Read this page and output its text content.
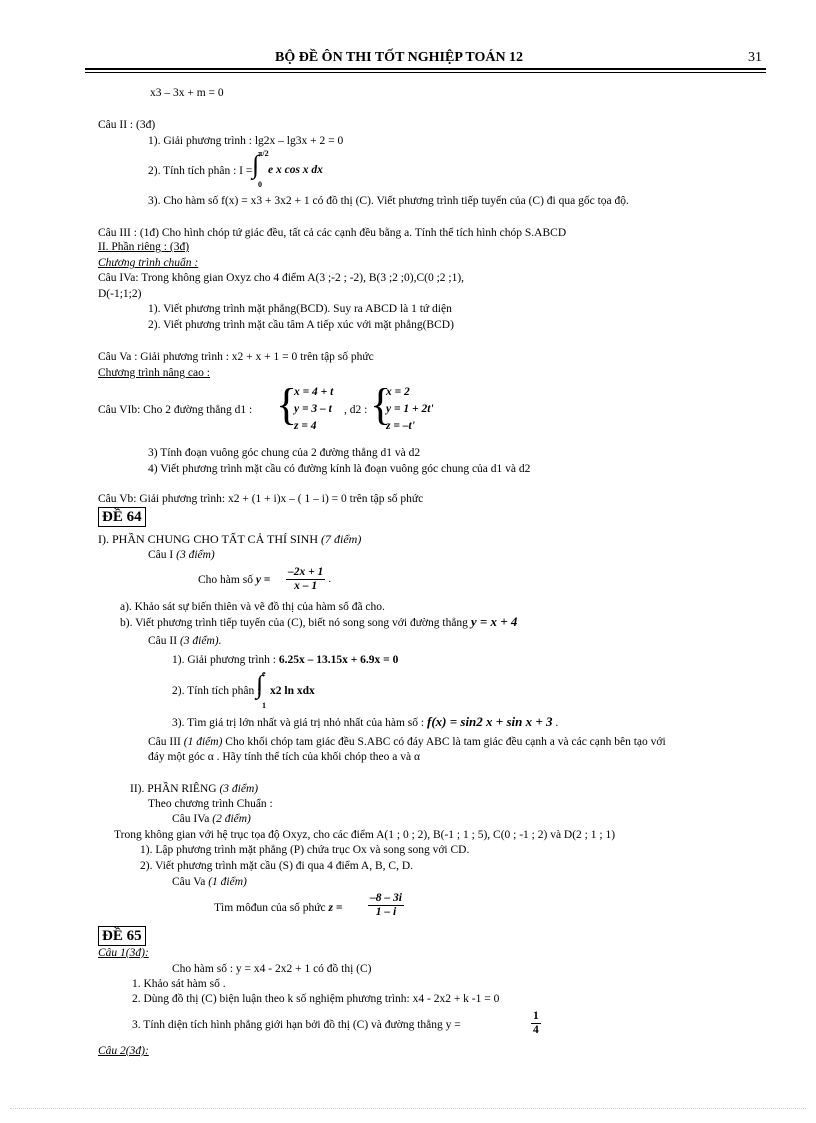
BỘ ĐỀ ÔN THI TỐT NGHIỆP TOÁN 12	31
x3 – 3x + m = 0
Câu II : (3đ)
1). Giải phương trình : lg2x – lg3x + 2 = 0
2). Tính tích phân : I = ∫
π/2
0
e x cos x dx
3). Cho hàm số f(x) = x3 + 3x2 + 1 có đồ thị (C). Viết phương trình tiếp tuyến của (C) đi qua gốc tọa độ.
Câu III : (1đ) Cho hình chóp tứ giác đều, tất cả các cạnh đều bằng a. Tính thể tích hình chóp S.ABCD
II. Phần riêng : (3đ)
Chương trình chuẩn :
Câu IVa: Trong không gian Oxyz cho 4 điểm A(3 ;-2 ; -2), B(3 ;2 ;0),C(0 ;2 ;1),
D(-1;1;2)
1). Viết phương trình mặt phẳng(BCD). Suy ra ABCD là 1 tứ diện
2). Viết phương trình mặt cầu tâm A tiếp xúc với mặt phẳng(BCD)
Câu Va : Giải phương trình : x2 + x + 1 = 0 trên tập số phức
Chương trình nâng cao :
Câu VIb: Cho 2 đường thẳng d1 : {
x = 4 + t
y = 3 – t
z = 4
, d2 : {
x = 2
y = 1 + 2t'
z = –t'
3) Tính đoạn vuông góc chung của 2 đường thẳng d1 và d2
4) Viết phương trình mặt cầu có đường kính là đoạn vuông góc chung của d1 và d2
Câu Vb: Giải phương trình: x2 + (1 + i)x – ( 1 – i) = 0 trên tập số phức
ĐỀ 64
I). PHẦN CHUNG CHO TẤT CẢ THÍ SINH (7 điểm)
Câu I (3 điểm)
Cho hàm số $y = \frac{-2x + 1}{x - 1}$ .
a). Khảo sát sự biến thiên và vẽ đồ thị của hàm số đã cho.
b). Viết phương trình tiếp tuyến của (C), biết nó song song với đường thẳng y = x + 4
Câu II (3 điểm).
1). Giải phương trình : 6.25x – 13.15x + 6.9x = 0
2). Tính tích phân :
∫
e
1
x2 ln xdx
3). Tìm giá trị lớn nhất và giá trị nhỏ nhất của hàm số : f(x) = sin2 x + sin x + 3 .
Câu III (1 điểm) Cho khối chóp tam giác đều S.ABC có đáy ABC là tam giác đều cạnh a và các cạnh bên tạo với
đáy một góc α . Hãy tính thể tích của khối chóp theo a và α
II). PHẦN RIÊNG (3 điểm)
Theo chương trình Chuẩn :
Câu IVa (2 điểm)
Trong không gian với hệ trục tọa độ Oxyz, cho các điểm A(1 ; 0 ; 2), B(-1 ; 1 ; 5), C(0 ; -1 ; 2) và D(2 ; 1 ; 1)
1). Lập phương trình mặt phẳng (P) chứa trục Ox và song song với CD.
2). Viết phương trình mặt cầu (S) đi qua 4 điểm A, B, C, D.
Câu Va (1 điểm)
Tìm môđun của số phức $z = \frac{-8 - 3i}{1 - i}$
ĐỀ 65
Câu 1(3đ):
Cho hàm số : y = x4 - 2x2 + 1 có đồ thị (C)
1. Khảo sát hàm số .
2. Dùng đồ thị (C) biện luận theo k số nghiệm phương trình: x4 - 2x2 + k -1 = 0
3. Tính diện tích hình phẳng giới hạn bởi đồ thị (C) và đường thẳng y =	$\frac{1}{4}$
Câu 2(3đ):
